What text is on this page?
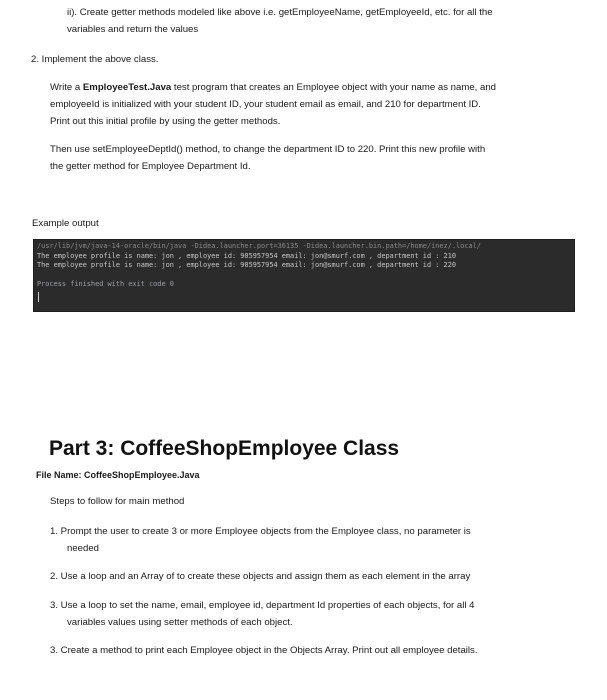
ii). Create getter methods modeled like above i.e. getEmployeeName, getEmployeeId, etc. for all the

variables and return the values

2. Implement the above class.

Write a EmployeeTest.Java test program that creates an Employee object with your name as name, and

employeeId is initialized with your student ID, your student email as email, and 210 for department ID.

Print out this initial profile by using the getter methods.

Then use setEmployeeDeptId() method, to change the department ID to 220. Print this new profile with

the getter method for Employee Department Id.

Example output

/usr/lib/jvm/java-14-oracle/bin/java -Didea.launcher.port=36135 -Didea.launcher.bin.path=/home/inez/.local/
The employee profile is name: jon , employee id: 905957954 email: jon@smurf.com , department id : 210
The employee profile is name: jon , employee id: 905957954 email: jon@smurf.com , department id : 220
Process finished with exit code 0
Part 3: CoffeeShopEmployee Class

File Name: CoffeeShopEmployee.Java

Steps to follow for main method

1. Prompt the user to create 3 or more Employee objects from the Employee class, no parameter is

needed

2. Use a loop and an Array of to create these objects and assign them as each element in the array

3. Use a loop to set the name, email, employee id, department Id properties of each objects, for all 4

variables values using setter methods of each object.

3. Create a method to print each Employee object in the Objects Array. Print out all employee details.
